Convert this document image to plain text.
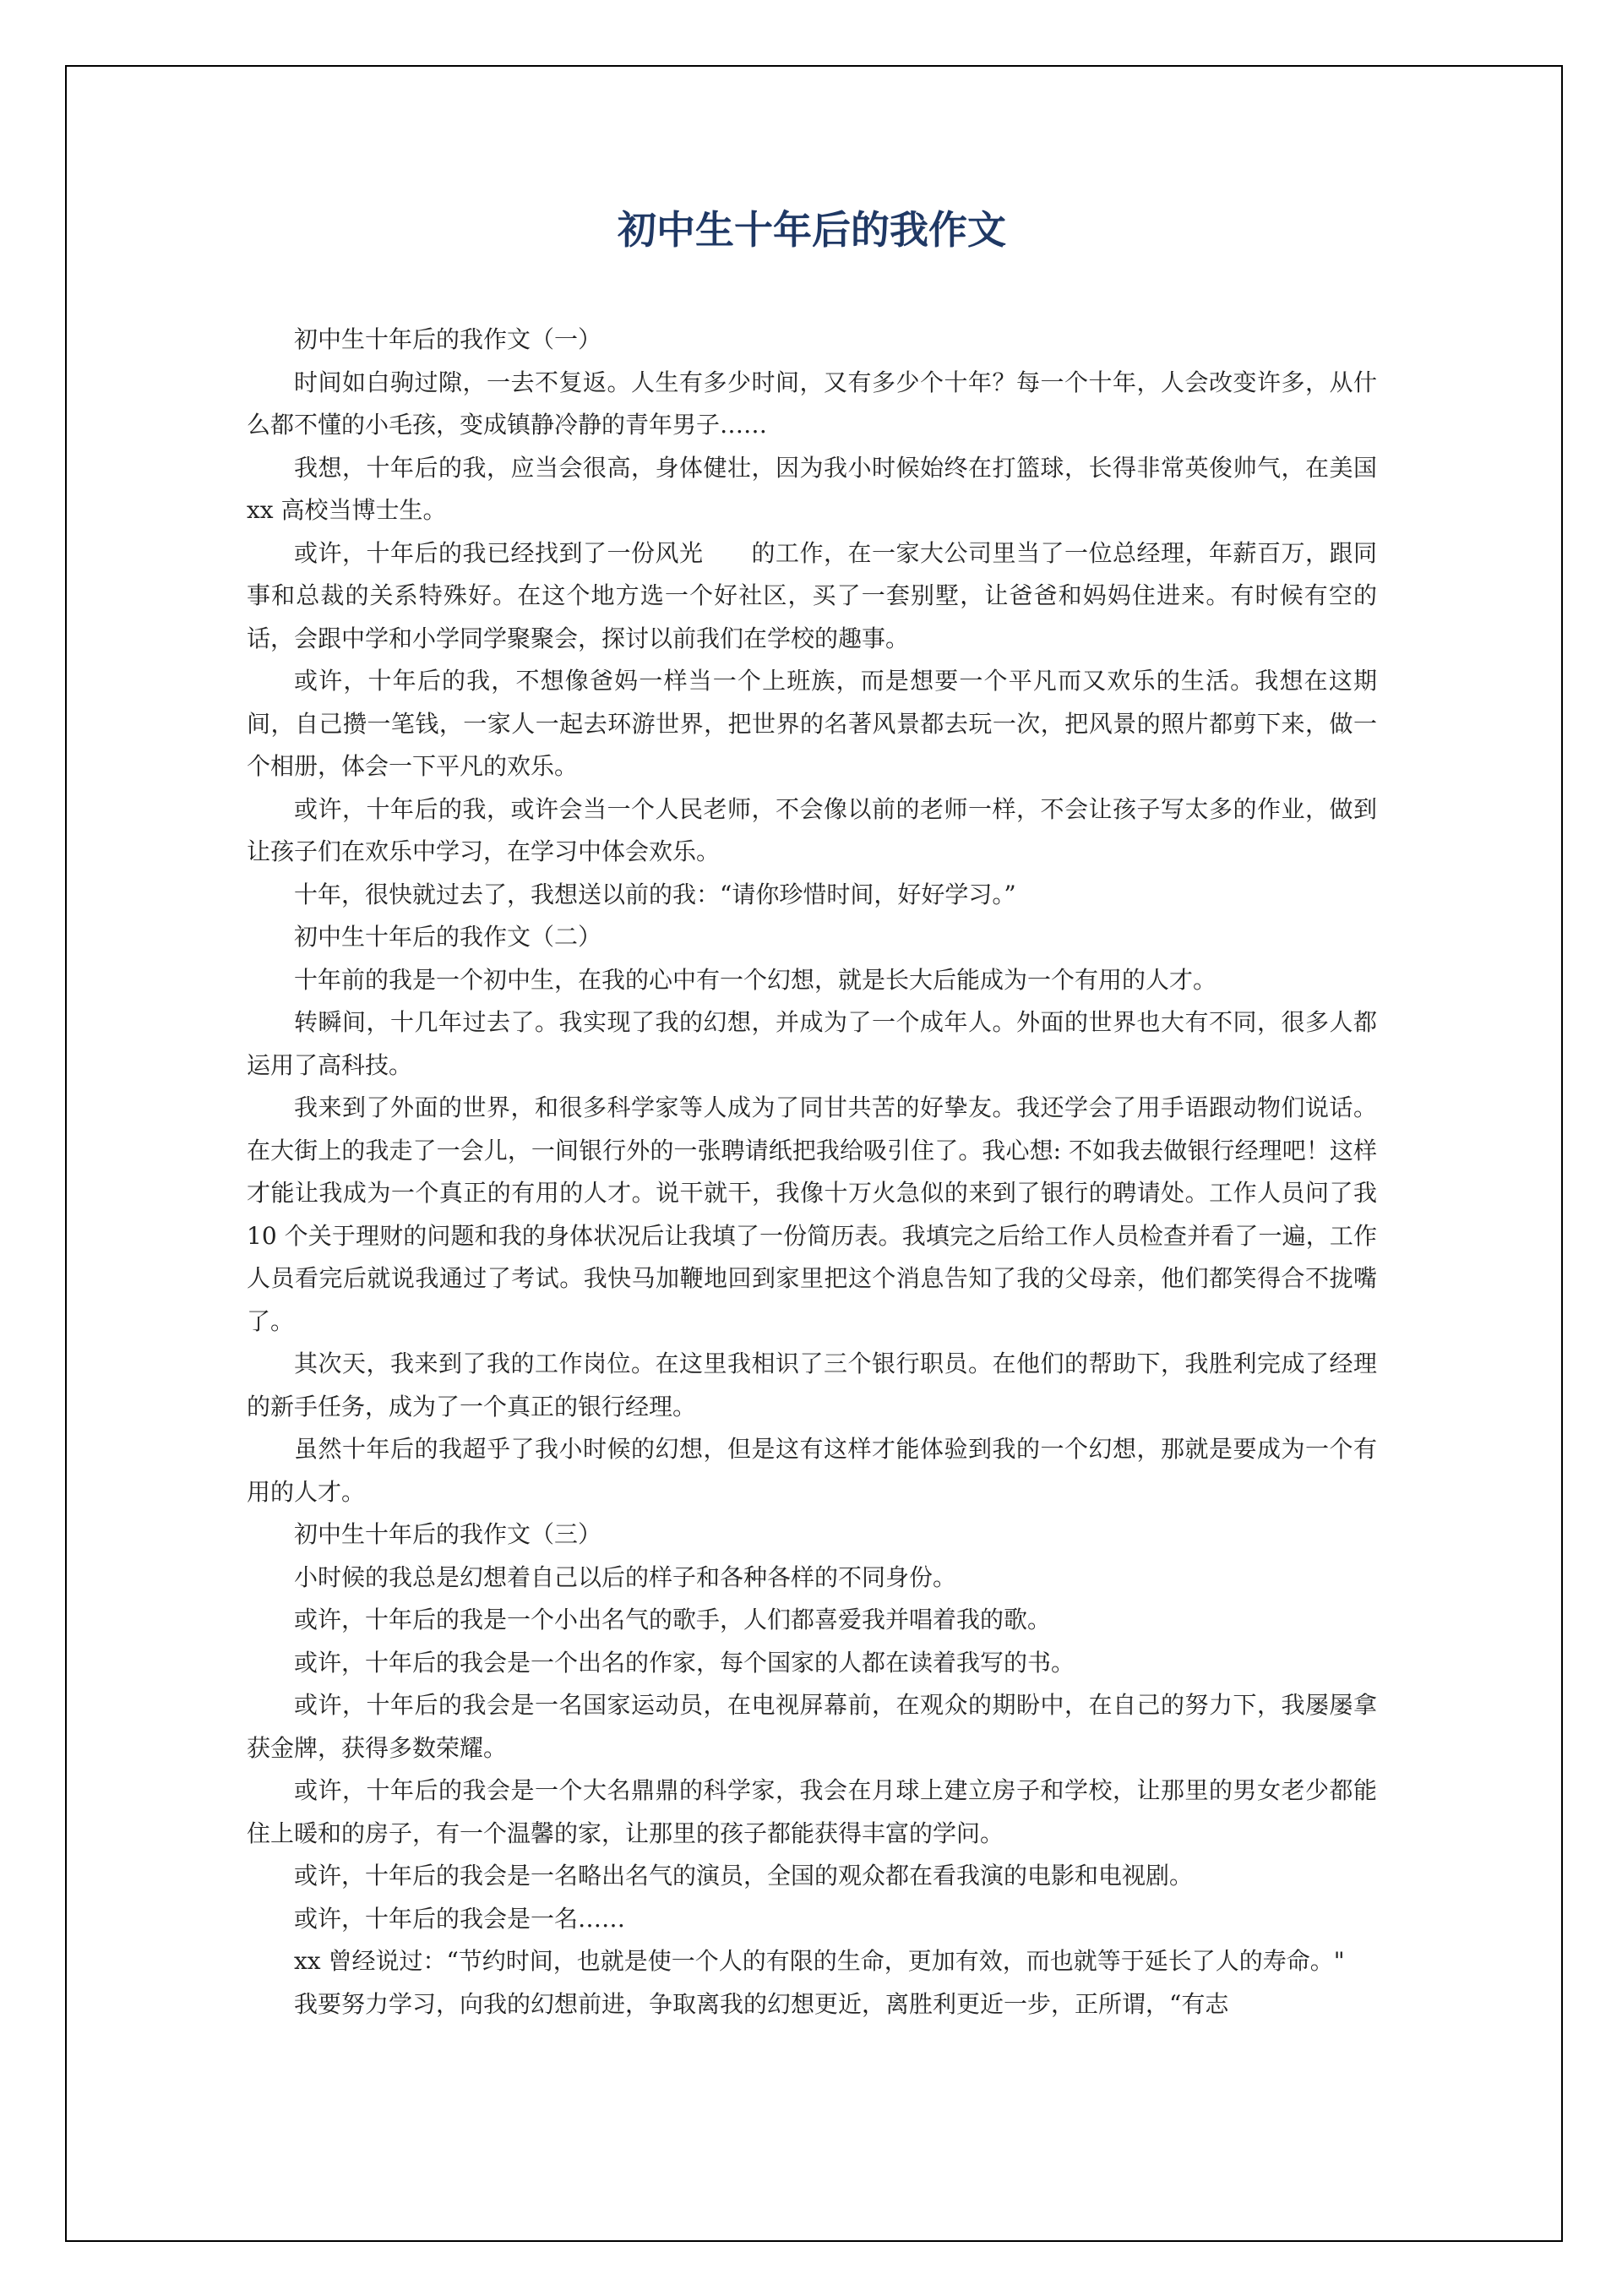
初中生十年后的我作文

初中生十年后的我作文（一）

时间如白驹过隙，一去不复返。人生有多少时间，又有多少个十年？每一个十年，人会改变许多，从什么都不懂的小毛孩，变成镇静冷静的青年男子……

我想，十年后的我，应当会很高，身体健壮，因为我小时候始终在打篮球，长得非常英俊帅气，在美国 xx 高校当博士生。

或许，十年后的我已经找到了一份风光　　的工作，在一家大公司里当了一位总经理，年薪百万，跟同事和总裁的关系特殊好。在这个地方选一个好社区，买了一套别墅，让爸爸和妈妈住进来。有时候有空的话，会跟中学和小学同学聚聚会，探讨以前我们在学校的趣事。

或许，十年后的我，不想像爸妈一样当一个上班族，而是想要一个平凡而又欢乐的生活。我想在这期间，自己攒一笔钱，一家人一起去环游世界，把世界的名著风景都去玩一次，把风景的照片都剪下来，做一个相册，体会一下平凡的欢乐。

或许，十年后的我，或许会当一个人民老师，不会像以前的老师一样，不会让孩子写太多的作业，做到让孩子们在欢乐中学习，在学习中体会欢乐。

十年，很快就过去了，我想送以前的我：“请你珍惜时间，好好学习。”

初中生十年后的我作文（二）

十年前的我是一个初中生，在我的心中有一个幻想，就是长大后能成为一个有用的人才。

转瞬间，十几年过去了。我实现了我的幻想，并成为了一个成年人。外面的世界也大有不同，很多人都运用了高科技。

我来到了外面的世界，和很多科学家等人成为了同甘共苦的好挚友。我还学会了用手语跟动物们说话。在大街上的我走了一会儿，一间银行外的一张聘请纸把我给吸引住了。我心想: 不如我去做银行经理吧！这样才能让我成为一个真正的有用的人才。说干就干，我像十万火急似的来到了银行的聘请处。工作人员问了我 10 个关于理财的问题和我的身体状况后让我填了一份简历表。我填完之后给工作人员检查并看了一遍，工作人员看完后就说我通过了考试。我快马加鞭地回到家里把这个消息告知了我的父母亲，他们都笑得合不拢嘴了。

其次天，我来到了我的工作岗位。在这里我相识了三个银行职员。在他们的帮助下，我胜利完成了经理的新手任务，成为了一个真正的银行经理。

虽然十年后的我超乎了我小时候的幻想，但是这有这样才能体验到我的一个幻想，那就是要成为一个有用的人才。

初中生十年后的我作文（三）

小时候的我总是幻想着自己以后的样子和各种各样的不同身份。

或许，十年后的我是一个小出名气的歌手，人们都喜爱我并唱着我的歌。

或许，十年后的我会是一个出名的作家，每个国家的人都在读着我写的书。

或许，十年后的我会是一名国家运动员，在电视屏幕前，在观众的期盼中，在自己的努力下，我屡屡拿获金牌，获得多数荣耀。

或许，十年后的我会是一个大名鼎鼎的科学家，我会在月球上建立房子和学校，让那里的男女老少都能住上暖和的房子，有一个温馨的家，让那里的孩子都能获得丰富的学问。

或许，十年后的我会是一名略出名气的演员，全国的观众都在看我演的电影和电视剧。

或许，十年后的我会是一名……

xx 曾经说过：“节约时间，也就是使一个人的有限的生命，更加有效，而也就等于延长了人的寿命。"

我要努力学习，向我的幻想前进，争取离我的幻想更近，离胜利更近一步，正所谓，“有志
